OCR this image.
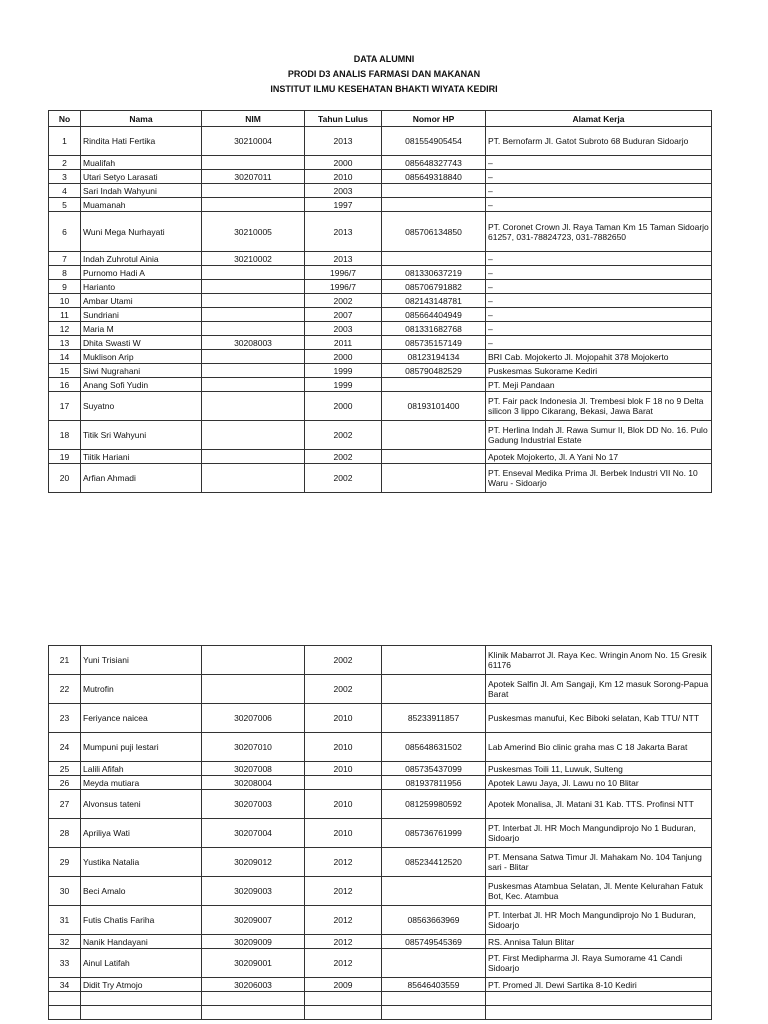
DATA ALUMNI
PRODI D3 ANALIS FARMASI DAN MAKANAN
INSTITUT ILMU KESEHATAN BHAKTI WIYATA KEDIRI
No	Nama	NIM	Tahun Lulus	Nomor HP	Alamat Kerja
1	Rindita Hati Fertika	30210004	2013	081554905454	PT. Bernofarm Jl. Gatot Subroto 68 Buduran Sidoarjo
2	Mualifah		2000	085648327743	–
3	Utari Setyo Larasati	30207011	2010	085649318840	–
4	Sari Indah Wahyuni		2003		–
5	Muamanah		1997		–
6	Wuni Mega Nurhayati	30210005	2013	085706134850	PT. Coronet Crown Jl. Raya Taman Km 15 Taman Sidoarjo 61257, 031-78824723, 031-7882650
7	Indah Zuhrotul Ainia	30210002	2013		–
8	Purnomo Hadi A		1996/7	081330637219	–
9	Harianto		1996/7	085706791882	–
10	Ambar Utami		2002	082143148781	–
11	Sundriani		2007	085664404949	–
12	Maria M		2003	081331682768	–
13	Dhita Swasti W	30208003	2011	085735157149	–
14	Muklison Arip		2000	08123194134	BRI Cab. Mojokerto Jl. Mojopahit 378 Mojokerto
15	Siwi Nugrahani		1999	085790482529	Puskesmas Sukorame Kediri
16	Anang Sofi Yudin		1999		PT. Meji Pandaan
17	Suyatno		2000	08193101400	PT. Fair pack Indonesia Jl. Trembesi blok F 18 no 9 Delta silicon 3 lippo Cikarang, Bekasi, Jawa Barat
18	Titik Sri Wahyuni		2002		PT. Herlina Indah Jl. Rawa Sumur II, Blok DD No. 16. Pulo Gadung Industrial Estate
19	Tiitik Hariani		2002		Apotek Mojokerto, Jl. A Yani No 17
20	Arfian Ahmadi		2002		PT. Enseval Medika Prima Jl. Berbek Industri VII No. 10 Waru - Sidoarjo
21	Yuni Trisiani		2002		Klinik Mabarrot Jl. Raya Kec. Wringin Anom No. 15 Gresik 61176
22	Mutrofin		2002		Apotek Salfin Jl. Am Sangaji, Km 12 masuk Sorong-Papua Barat
23	Feriyance naicea	30207006	2010	85233911857	Puskesmas manufui, Kec Biboki selatan, Kab TTU/ NTT
24	Mumpuni puji lestari	30207010	2010	085648631502	Lab Amerind Bio clinic graha mas C 18 Jakarta Barat
25	Lalili Afifah	30207008	2010	085735437099	Puskesmas Toili 11, Luwuk, Sulteng
26	Meyda mutiara	30208004		081937811956	Apotek Lawu Jaya, Jl. Lawu no 10 Blitar
27	Alvonsus tateni	30207003	2010	081259980592	Apotek Monalisa, Jl. Matani 31 Kab. TTS. Profinsi NTT
28	Apriliya Wati	30207004	2010	085736761999	PT. Interbat Jl. HR Moch Mangundiprojo No 1 Buduran, Sidoarjo
29	Yustika Natalia	30209012	2012	085234412520	PT. Mensana Satwa Timur Jl. Mahakam No. 104 Tanjung sari - Blitar
30	Beci Amalo	30209003	2012		Puskesmas Atambua Selatan, Jl. Mente Kelurahan Fatuk Bot, Kec. Atambua
31	Futis Chatis Fariha	30209007	2012	08563663969	PT. Interbat Jl. HR Moch Mangundiprojo No 1 Buduran, Sidoarjo
32	Nanik Handayani	30209009	2012	085749545369	RS. Annisa Talun Blitar
33	Ainul Latifah	30209001	2012		PT. First Medipharma Jl. Raya Sumorame 41 Candi Sidoarjo
34	Didit Try Atmojo	30206003	2009	85646403559	PT. Promed Jl. Dewi Sartika 8-10 Kediri
